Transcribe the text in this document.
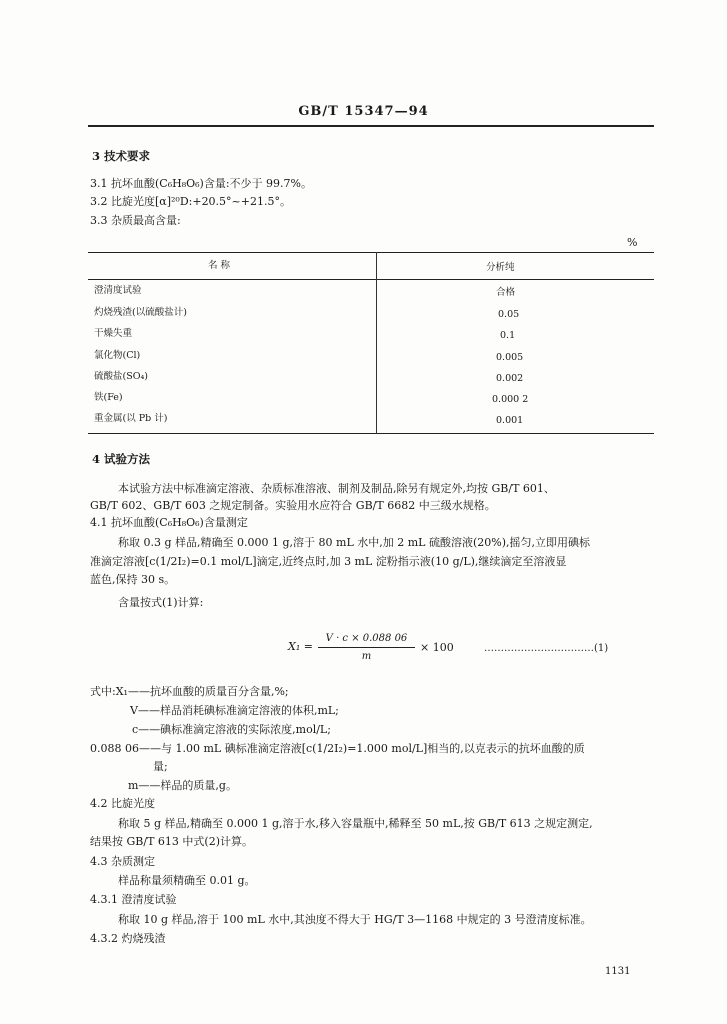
GB/T 15347—94
3 技术要求
3.1 抗坏血酸(C₆H₈O₆)含量:不少于 99.7%。
3.2 比旋光度[α]²⁰D:+20.5°~+21.5°。
3.3 杂质最高含量:
%
名 称	分析纯
澄清度试验	合格
灼烧残渣(以硫酸盐计)	0.05
干燥失重	0.1
氯化物(Cl)	0.005
硫酸盐(SO₄)	0.002
铁(Fe)	0.000 2
重金属(以 Pb 计)	0.001
4 试验方法
本试验方法中标准滴定溶液、杂质标准溶液、制剂及制品,除另有规定外,均按 GB/T 601、
GB/T 602、GB/T 603 之规定制备。实验用水应符合 GB/T 6682 中三级水规格。
4.1 抗坏血酸(C₆H₈O₆)含量测定
称取 0.3 g 样品,精确至 0.000 1 g,溶于 80 mL 水中,加 2 mL 硫酸溶液(20%),摇匀,立即用碘标
准滴定溶液[c(1/2I₂)=0.1 mol/L]滴定,近终点时,加 3 mL 淀粉指示液(10 g/L),继续滴定至溶液显
蓝色,保持 30 s。
含量按式(1)计算:
X₁ =
V · c × 0.088 06
m
× 100	……………………………(1)
式中:X₁——抗坏血酸的质量百分含量,%;
V——样品消耗碘标准滴定溶液的体积,mL;
c——碘标准滴定溶液的实际浓度,mol/L;
0.088 06——与 1.00 mL 碘标准滴定溶液[c(1/2I₂)=1.000 mol/L]相当的,以克表示的抗坏血酸的质
量;
m——样品的质量,g。
4.2 比旋光度
称取 5 g 样品,精确至 0.000 1 g,溶于水,移入容量瓶中,稀释至 50 mL,按 GB/T 613 之规定测定,
结果按 GB/T 613 中式(2)计算。
4.3 杂质测定
样品称量须精确至 0.01 g。
4.3.1 澄清度试验
称取 10 g 样品,溶于 100 mL 水中,其浊度不得大于 HG/T 3—1168 中规定的 3 号澄清度标准。
4.3.2 灼烧残渣
1131
